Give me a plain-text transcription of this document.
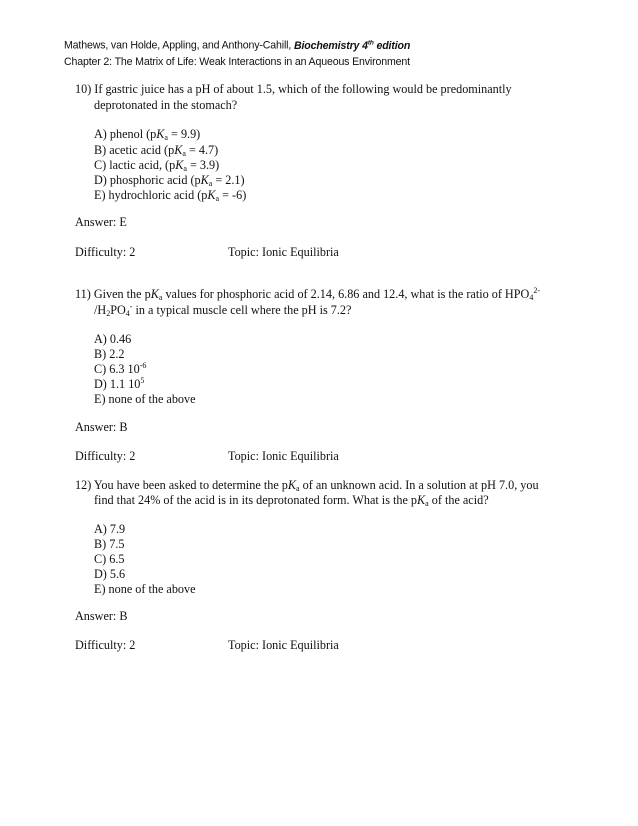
Mathews, van Holde, Appling, and Anthony-Cahill, Biochemistry 4th edition
Chapter 2: The Matrix of Life: Weak Interactions in an Aqueous Environment
10) If gastric juice has a pH of about 1.5, which of the following would be predominantly
deprotonated in the stomach?
A) phenol $(pK_a = 9.9)$
B) acetic acid $(pK_a = 4.7)$
C) lactic acid, $(pK_a = 3.9)$
D) phosphoric acid $(pK_a = 2.1)$
E) hydrochloric acid $(pK_a = -6)$
Answer: E
Difficulty: 2	Topic: Ionic Equilibria
11) Given the $pK_a$ values for phosphoric acid of 2.14, 6.86 and 12.4, what is the ratio of $HPO_4^{2-}$
$/H_2PO_4^-$ in a typical muscle cell where the pH is 7.2?
A) 0.46
B) 2.2
C) 6.3 $10^{-6}$
D) 1.1 $10^5$
E) none of the above
Answer: B
Difficulty: 2	Topic: Ionic Equilibria
12) You have been asked to determine the $pK_a$ of an unknown acid. In a solution at pH 7.0, you
find that 24% of the acid is in its deprotonated form. What is the $pK_a$ of the acid?
A) 7.9
B) 7.5
C) 6.5
D) 5.6
E) none of the above
Answer: B
Difficulty: 2	Topic: Ionic Equilibria
